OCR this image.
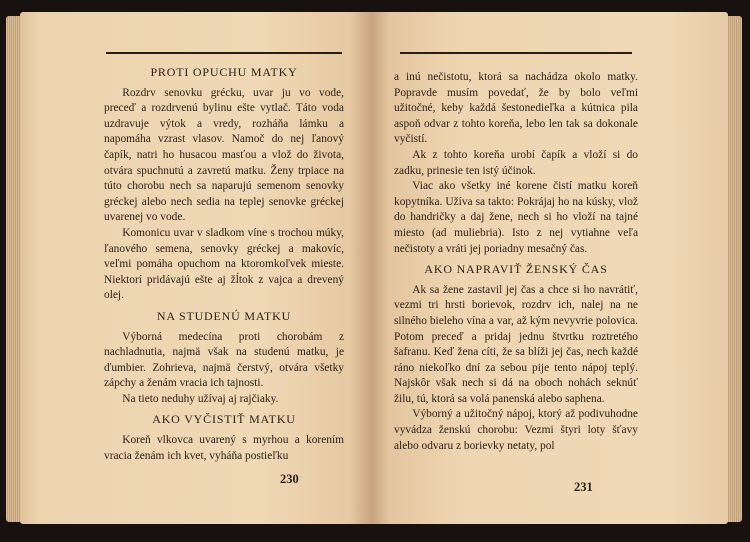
PROTI OPUCHU MATKY

Rozdrv senovku grécku, uvar ju vo vode, preceď a rozdrvenú bylinu ešte vytlač. Táto voda uzdravuje výtok a vredy, rozháňa lámku a napomáha vzrast vlasov. Namoč do nej ľanový čapík, natri ho husacou masťou a vlož do života, otvára spuchnutú a zavretú matku. Ženy trpiace na túto chorobu nech sa naparujú semenom senovky gréckej alebo nech sedia na teplej senovke gréckej uvarenej vo vode.

Komonicu uvar v sladkom víne s trochou múky, ľanového semena, senovky gréckej a makovíc, veľmi pomáha opuchom na ktoromkoľvek mieste. Niektorí pridávajú ešte aj žĺtok z vajca a drevený olej.

NA STUDENÚ MATKU

Výborná medecína proti chorobám z nachladnutia, najmä však na studenú matku, je ďumbier. Zohrieva, najmä čerstvý, otvára všetky zápchy a ženám vracia ich tajnosti.

Na tieto neduhy užívaj aj rajčiaky.

AKO VYČISTIŤ MATKU

Koreň vlkovca uvarený s myrhou a korením vracia ženám ich kvet, vyháňa postieľku

230

a inú nečistotu, ktorá sa nachádza okolo matky. Popravde musím povedať, že by bolo veľmi užitočné, keby každá šestonedieľka a kútnica pila aspoň odvar z tohto koreňa, lebo len tak sa dokonale vyčistí.

Ak z tohto koreňa urobí čapík a vloží si do zadku, prinesie ten istý účinok.

Viac ako všetky iné korene čistí matku koreň kopytníka. Užíva sa takto: Pokrájaj ho na kúsky, vlož do handričky a daj žene, nech si ho vloží na tajné miesto (ad muliebria). Isto z nej vytiahne veľa nečistoty a vráti jej poriadny mesačný čas.

AKO NAPRAVIŤ ŽENSKÝ ČAS

Ak sa žene zastavil jej čas a chce si ho navrátiť, vezmi tri hrsti borievok, rozdrv ich, nalej na ne silného bieleho vína a var, až kým nevyvrie polovica. Potom preceď a pridaj jednu štvrtku roztretého šafranu. Keď žena cíti, že sa blíži jej čas, nech každé ráno niekoľko dní za sebou pije tento nápoj teplý. Najskôr však nech si dá na oboch nohách seknúť žilu, tú, ktorá sa volá panenská alebo saphena.

Výborný a užitočný nápoj, ktorý až podivuhodne vyvádza ženskú chorobu: Vezmi štyri loty šťavy alebo odvaru z borievky netaty, pol

231
